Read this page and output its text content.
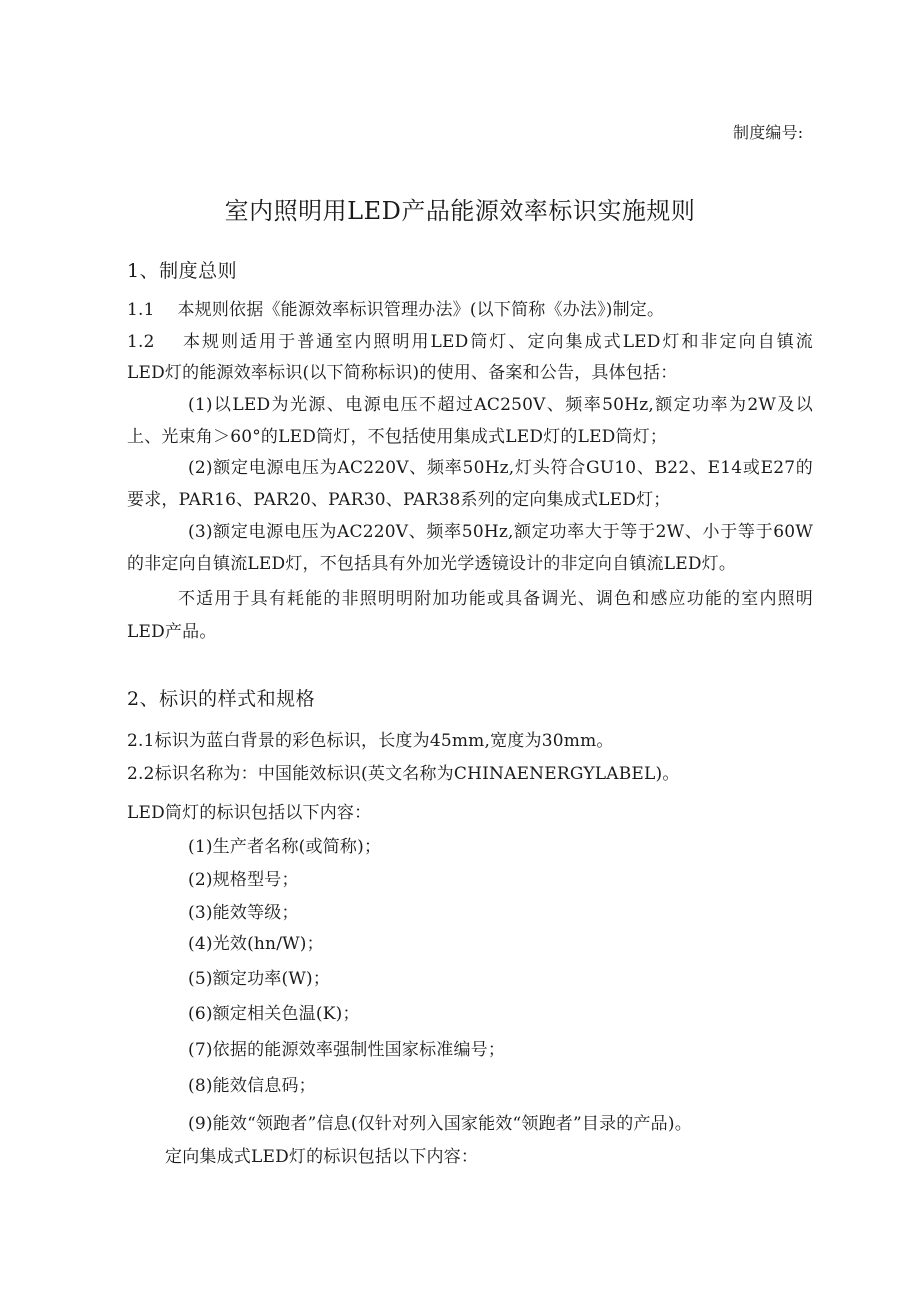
制度编号:
室内照明用LED产品能源效率标识实施规则
1、制度总则
1.1　 本规则依据《能源效率标识管理办法》(以下简称《办法》)制定。
1.2　 本规则适用于普通室内照明用LED筒灯、定向集成式LED灯和非定向自镇流
LED灯的能源效率标识(以下简称标识)的使用、备案和公告，具体包括：
(1)以LED为光源、电源电压不超过AC250V、频率50Hz,额定功率为2W及以
上、光束角＞60°的LED筒灯，不包括使用集成式LED灯的LED筒灯；
(2)额定电源电压为AC220V、频率50Hz,灯头符合GU10、B22、E14或E27的
要求，PAR16、PAR20、PAR30、PAR38系列的定向集成式LED灯；
(3)额定电源电压为AC220V、频率50Hz,额定功率大于等于2W、小于等于60W
的非定向自镇流LED灯，不包括具有外加光学透镜设计的非定向自镇流LED灯。
不适用于具有耗能的非照明明附加功能或具备调光、调色和感应功能的室内照明
LED产品。
2、标识的样式和规格
2.1标识为蓝白背景的彩色标识，长度为45mm,宽度为30mm。
2.2标识名称为：中国能效标识(英文名称为CHINAENERGYLABEL)。
LED筒灯的标识包括以下内容：
(1)生产者名称(或简称)；
(2)规格型号；
(3)能效等级；
(4)光效(hn/W)；
(5)额定功率(W)；
(6)额定相关色温(K)；
(7)依据的能源效率强制性国家标准编号；
(8)能效信息码；
(9)能效“领跑者”信息(仅针对列入国家能效“领跑者”目录的产品)。
定向集成式LED灯的标识包括以下内容：
